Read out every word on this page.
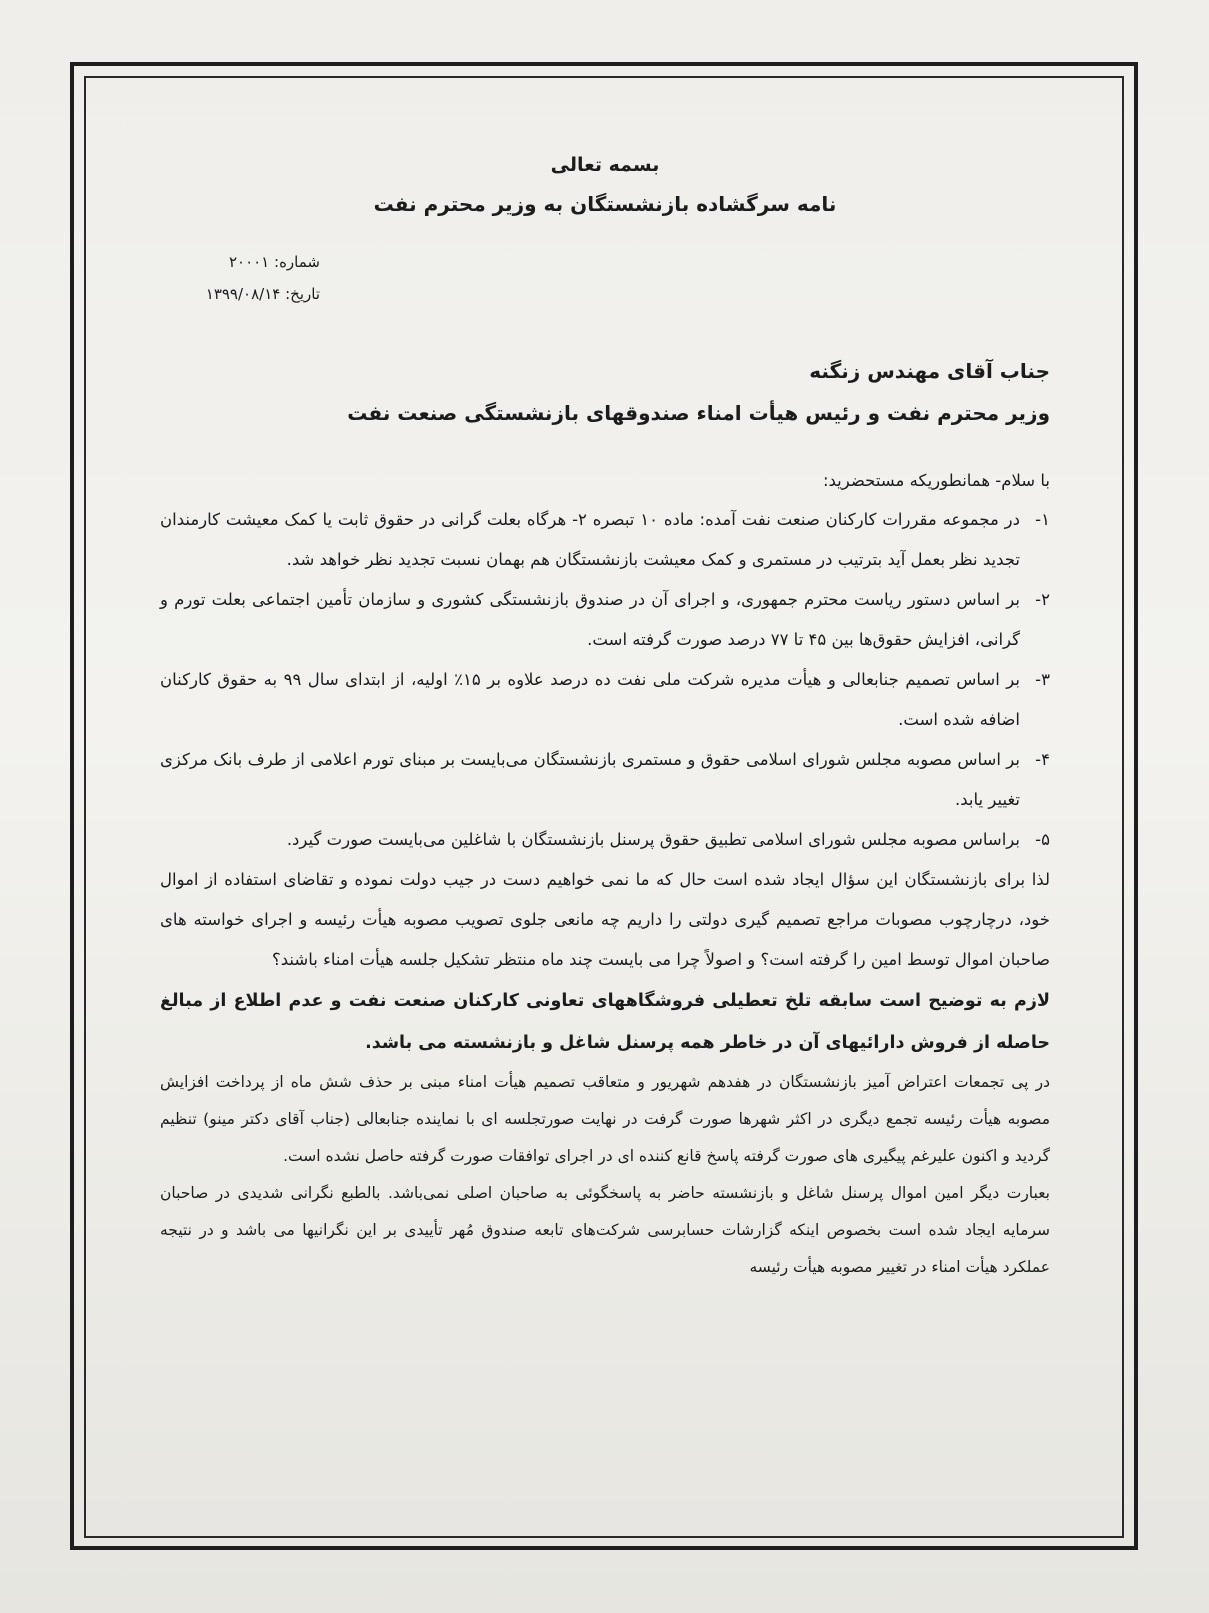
بسمه تعالی
نامه سرگشاده بازنشستگان به وزیر محترم نفت
شماره: ۲۰۰۰۱
تاریخ: ۱۳۹۹/۰۸/۱۴
جناب آقای مهندس زنگنه
وزیر محترم نفت و رئیس هیأت امناء صندوقهای بازنشستگی صنعت نفت
با سلام- همانطوریکه مستحضرید:
۱-
در مجموعه مقررات کارکنان صنعت نفت آمده: ماده ۱۰ تبصره ۲- هرگاه بعلت گرانی در حقوق ثابت یا کمک معیشت کارمندان تجدید نظر بعمل آید بترتیب در مستمری و کمک معیشت بازنشستگان هم بهمان نسبت تجدید نظر خواهد شد.
۲-
بر اساس دستور ریاست محترم جمهوری، و اجرای آن در صندوق بازنشستگی کشوری و سازمان تأمین اجتماعی بعلت تورم و گرانی، افزایش حقوق‌ها بین ۴۵ تا ۷۷ درصد صورت گرفته است.
۳-
بر اساس تصمیم جنابعالی و هیأت مدیره شرکت ملی نفت ده درصد علاوه بر ۱۵٪ اولیه، از ابتدای سال ۹۹ به حقوق کارکنان اضافه شده است.
۴-
بر اساس مصوبه مجلس شورای اسلامی حقوق و مستمری بازنشستگان می‌بایست بر مبنای تورم اعلامی از طرف بانک مرکزی تغییر یابد.
۵-
براساس مصوبه مجلس شورای اسلامی تطبیق حقوق پرسنل بازنشستگان با شاغلین می‌بایست صورت گیرد.

لذا برای بازنشستگان این سؤال ایجاد شده است حال که ما نمی خواهیم دست در جیب دولت نموده و تقاضای استفاده از اموال خود، درچارچوب مصوبات مراجع تصمیم گیری دولتی را داریم چه مانعی جلوی تصویب مصوبه هیأت رئیسه و اجرای خواسته های صاحبان اموال توسط امین را گرفته است؟ و اصولاً چرا می بایست چند ماه منتظر تشکیل جلسه هیأت امناء باشند؟

لازم به توضیح است سابقه تلخ تعطیلی فروشگاههای تعاونی کارکنان صنعت نفت و عدم اطلاع از مبالغ حاصله از فروش دارائیهای آن در خاطر همه پرسنل شاغل و بازنشسته می باشد.

در پی تجمعات اعتراض آمیز بازنشستگان در هفدهم شهریور و متعاقب تصمیم هیأت امناء مبنی بر حذف شش ماه از پرداخت افزایش مصوبه هیأت رئیسه تجمع دیگری در اکثر شهرها صورت گرفت در نهایت صورتجلسه ای با نماینده جنابعالی (جناب آقای دکتر مینو) تنظیم گردید و اکنون علیرغم پیگیری های صورت گرفته پاسخ قانع کننده ای در اجرای توافقات صورت گرفته حاصل نشده است.

بعبارت دیگر امین اموال پرسنل شاغل و بازنشسته حاضر به پاسخگوئی به صاحبان اصلی نمی‌باشد. بالطبع نگرانی شدیدی در صاحبان سرمایه ایجاد شده است بخصوص اینکه گزارشات حسابرسی شرکت‌های تابعه صندوق مُهر تأییدی بر این نگرانیها می باشد و در نتیجه عملکرد هیأت امناء در تغییر مصوبه هیأت رئیسه
